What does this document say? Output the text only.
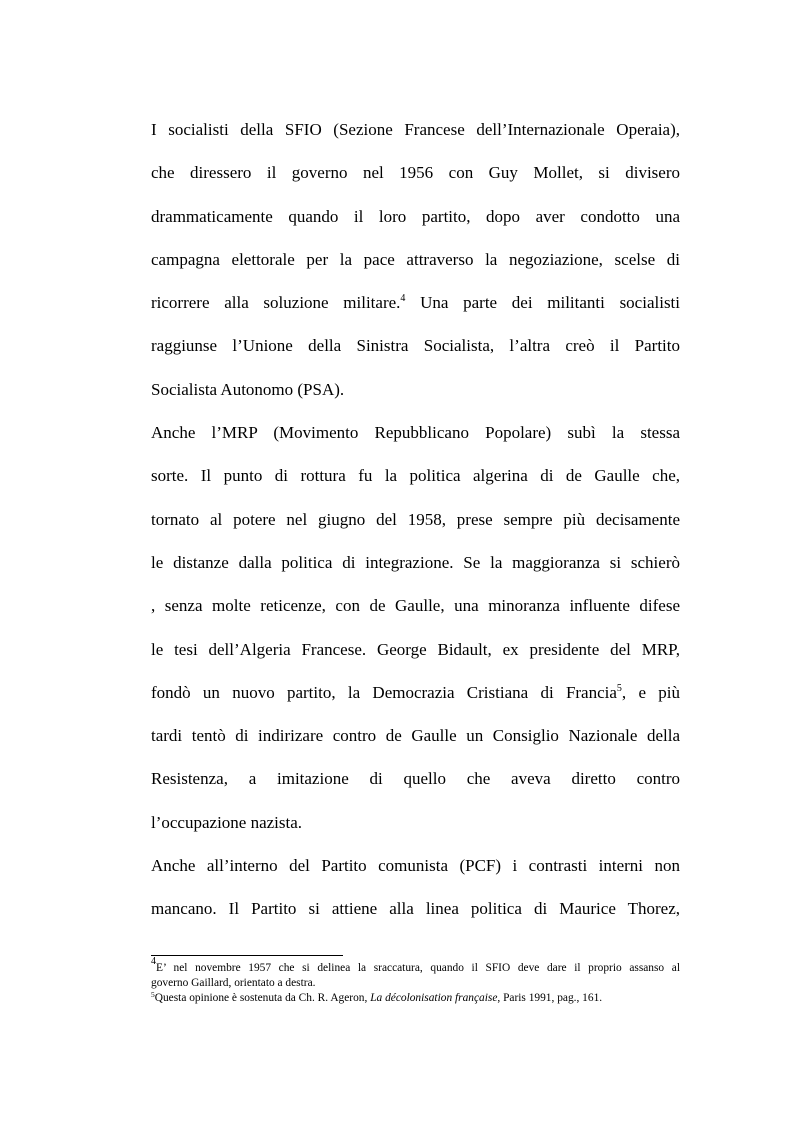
I socialisti della SFIO (Sezione Francese dell’Internazionale Operaia),
che diressero il governo nel 1956 con Guy Mollet, si divisero
drammaticamente quando il loro partito, dopo aver condotto una
campagna elettorale per la pace attraverso la negoziazione, scelse di
ricorrere alla soluzione militare.$^4$ Una parte dei militanti socialisti
raggiunse l’Unione della Sinistra Socialista, l’altra creò il Partito
Socialista Autonomo (PSA).

Anche l’MRP (Movimento Repubblicano Popolare) subì la stessa
sorte. Il punto di rottura fu la politica algerina di de Gaulle che,
tornato al potere nel giugno del 1958, prese sempre più decisamente
le distanze dalla politica di integrazione. Se la maggioranza si schierò
, senza molte reticenze, con de Gaulle, una minoranza influente difese
le tesi dell’Algeria Francese. George Bidault, ex presidente del MRP,
fondò un nuovo partito, la Democrazia Cristiana di Francia$^5$, e più
tardi tentò di indirizare contro de Gaulle un Consiglio Nazionale della
Resistenza, a imitazione di quello che aveva diretto contro
l’occupazione nazista.

Anche all’interno del Partito comunista (PCF) i contrasti interni non
mancano. Il Partito si attiene alla linea politica di Maurice Thorez,

$^4$E’ nel novembre 1957 che si delinea la sraccatura, quando il SFIO deve dare il proprio assanso al
governo Gaillard, orientato a destra.
$^5$Questa opinione è sostenuta da Ch. R. Ageron, La décolonisation française, Paris 1991, pag., 161.
